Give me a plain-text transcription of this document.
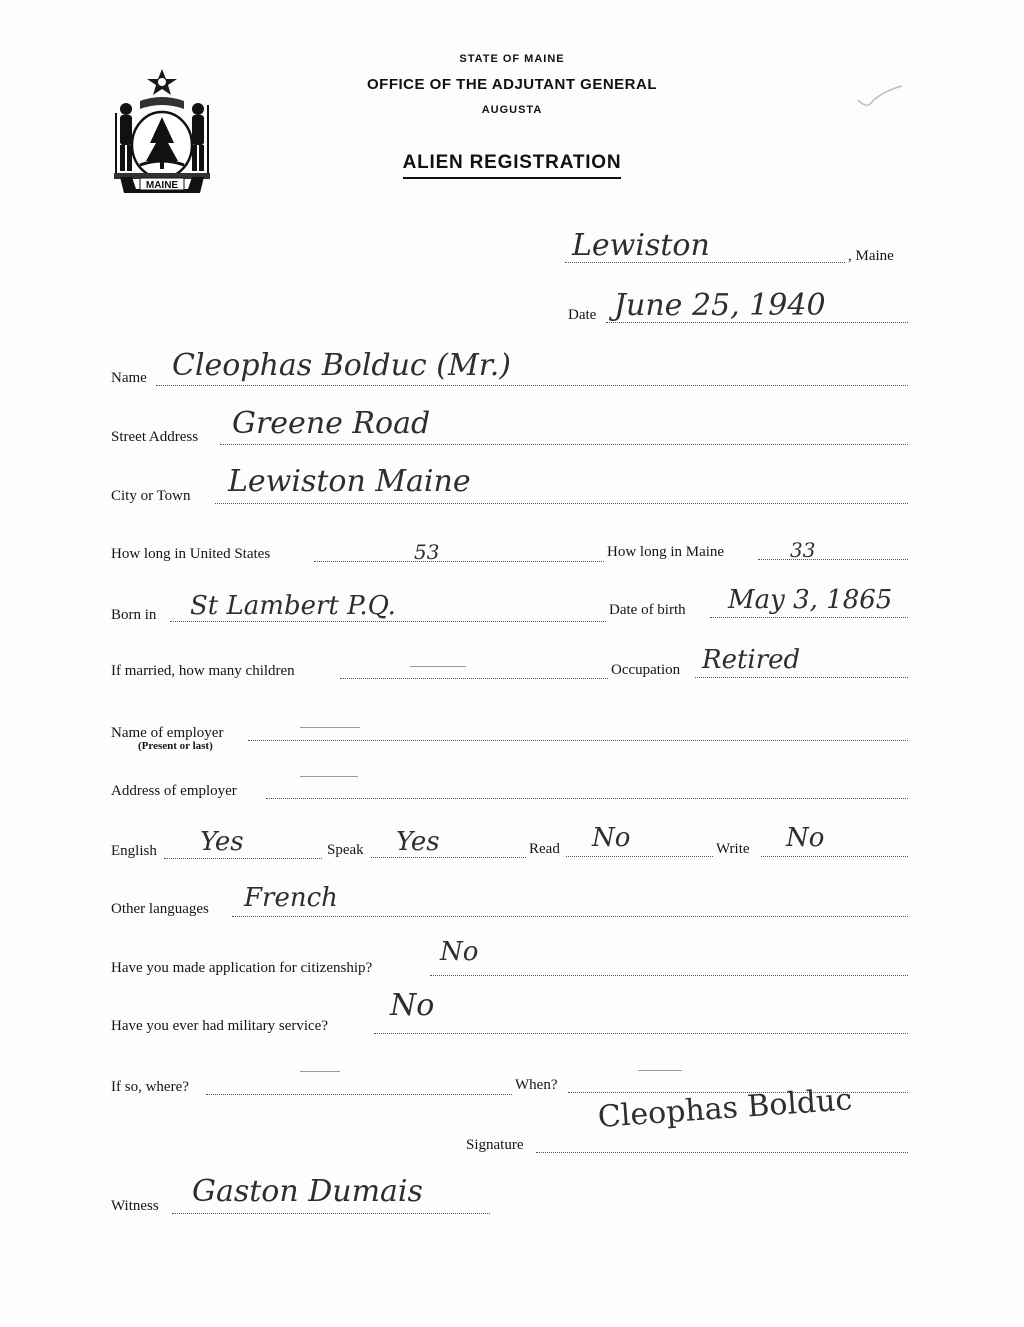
MAINE
STATE OF MAINE
OFFICE OF THE ADJUTANT GENERAL
AUGUSTA
ALIEN REGISTRATION
Lewiston	, Maine
Date June 25, 1940
Name Cleophas Bolduc (Mr.)
Street Address Greene Road
City or Town Lewiston Maine
How long in United States	53	How long in Maine	33
Born in St Lambert P.Q.	Date of birth May 3, 1865
If married, how many children	Occupation Retired
Name of employer
(Present or last)
Address of employer
English Yes	Speak Yes	Read No	Write No
Other languages French
Have you made application for citizenship?
No
Have you ever had military service?
No
If so, where?	When?
Signature
Cleophas Bolduc
Witness Gaston Dumais
